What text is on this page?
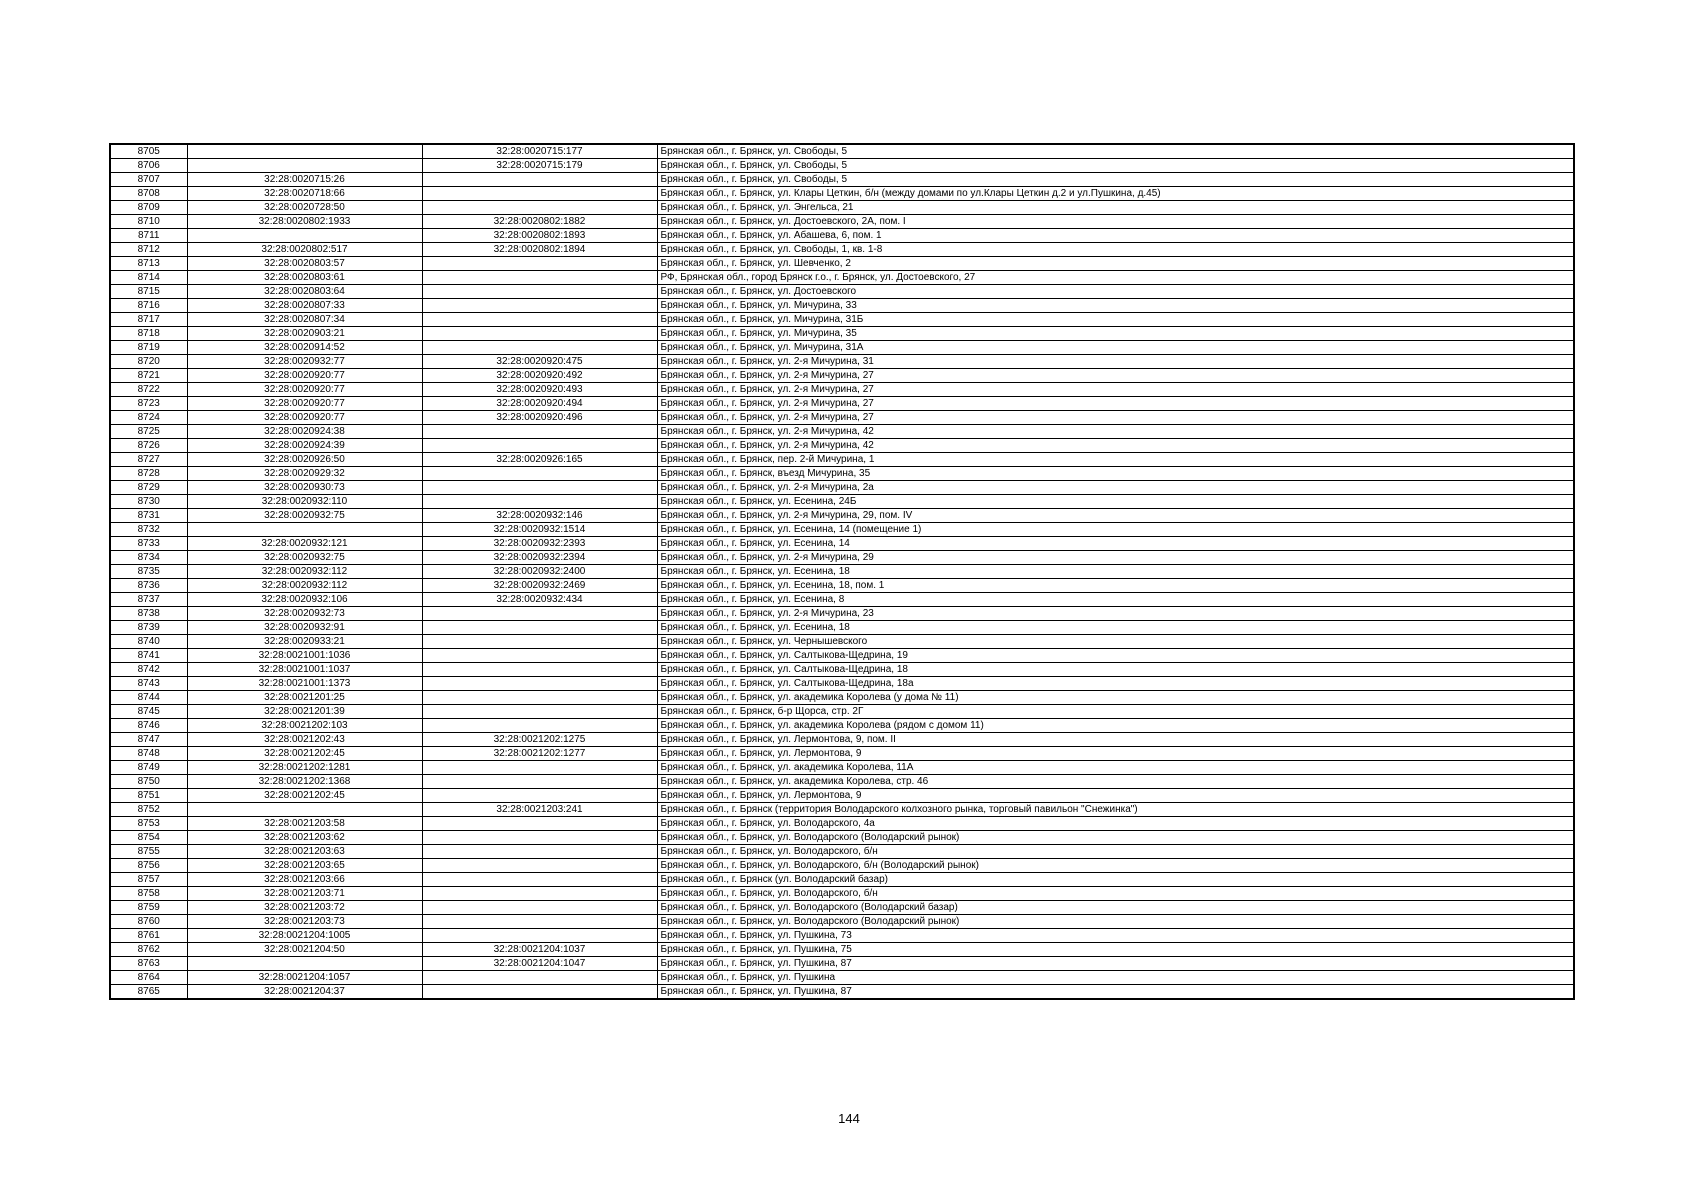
8705		32:28:0020715:177	Брянская обл., г. Брянск, ул. Свободы, 5
8706		32:28:0020715:179	Брянская обл., г. Брянск, ул. Свободы, 5
8707	32:28:0020715:26		Брянская обл., г. Брянск, ул. Свободы, 5
8708	32:28:0020718:66		Брянская обл., г. Брянск, ул. Клары Цеткин, б/н (между домами по ул.Клары Цеткин д.2 и ул.Пушкина, д.45)
8709	32:28:0020728:50		Брянская обл., г. Брянск, ул. Энгельса, 21
8710	32:28:0020802:1933	32:28:0020802:1882	Брянская обл., г. Брянск, ул. Достоевского, 2А, пом. I
8711		32:28:0020802:1893	Брянская обл., г. Брянск, ул. Абашева, 6, пом. 1
8712	32:28:0020802:517	32:28:0020802:1894	Брянская обл., г. Брянск, ул. Свободы, 1, кв. 1-8
8713	32:28:0020803:57		Брянская обл., г. Брянск, ул. Шевченко, 2
8714	32:28:0020803:61		РФ, Брянская обл., город Брянск г.о., г. Брянск, ул. Достоевского, 27
8715	32:28:0020803:64		Брянская обл., г. Брянск, ул. Достоевского
8716	32:28:0020807:33		Брянская обл., г. Брянск, ул. Мичурина, 33
8717	32:28:0020807:34		Брянская обл., г. Брянск, ул. Мичурина, 31Б
8718	32:28:0020903:21		Брянская обл., г. Брянск, ул. Мичурина, 35
8719	32:28:0020914:52		Брянская обл., г. Брянск, ул. Мичурина, 31А
8720	32:28:0020932:77	32:28:0020920:475	Брянская обл., г. Брянск, ул. 2-я Мичурина, 31
8721	32:28:0020920:77	32:28:0020920:492	Брянская обл., г. Брянск, ул. 2-я Мичурина, 27
8722	32:28:0020920:77	32:28:0020920:493	Брянская обл., г. Брянск, ул. 2-я Мичурина, 27
8723	32:28:0020920:77	32:28:0020920:494	Брянская обл., г. Брянск, ул. 2-я Мичурина, 27
8724	32:28:0020920:77	32:28:0020920:496	Брянская обл., г. Брянск, ул. 2-я Мичурина, 27
8725	32:28:0020924:38		Брянская обл., г. Брянск, ул. 2-я Мичурина, 42
8726	32:28:0020924:39		Брянская обл., г. Брянск, ул. 2-я Мичурина, 42
8727	32:28:0020926:50	32:28:0020926:165	Брянская обл., г. Брянск, пер. 2-й Мичурина, 1
8728	32:28:0020929:32		Брянская обл., г. Брянск, въезд Мичурина, 35
8729	32:28:0020930:73		Брянская обл., г. Брянск, ул. 2-я Мичурина, 2а
8730	32:28:0020932:110		Брянская обл., г. Брянск, ул. Есенина, 24Б
8731	32:28:0020932:75	32:28:0020932:146	Брянская обл., г. Брянск, ул. 2-я Мичурина, 29, пом. IV
8732		32:28:0020932:1514	Брянская обл., г. Брянск, ул. Есенина, 14 (помещение 1)
8733	32:28:0020932:121	32:28:0020932:2393	Брянская обл., г. Брянск, ул. Есенина, 14
8734	32:28:0020932:75	32:28:0020932:2394	Брянская обл., г. Брянск, ул. 2-я Мичурина, 29
8735	32:28:0020932:112	32:28:0020932:2400	Брянская обл., г. Брянск, ул. Есенина, 18
8736	32:28:0020932:112	32:28:0020932:2469	Брянская обл., г. Брянск, ул. Есенина, 18, пом. 1
8737	32:28:0020932:106	32:28:0020932:434	Брянская обл., г. Брянск, ул. Есенина, 8
8738	32:28:0020932:73		Брянская обл., г. Брянск, ул. 2-я Мичурина, 23
8739	32:28:0020932:91		Брянская обл., г. Брянск, ул. Есенина, 18
8740	32:28:0020933:21		Брянская обл., г. Брянск, ул. Чернышевского
8741	32:28:0021001:1036		Брянская обл., г. Брянск, ул. Салтыкова-Щедрина, 19
8742	32:28:0021001:1037		Брянская обл., г. Брянск, ул. Салтыкова-Щедрина, 18
8743	32:28:0021001:1373		Брянская обл., г. Брянск, ул. Салтыкова-Щедрина, 18а
8744	32:28:0021201:25		Брянская обл., г. Брянск, ул. академика Королева (у дома № 11)
8745	32:28:0021201:39		Брянская обл., г. Брянск, б-р Щорса, стр. 2Г
8746	32:28:0021202:103		Брянская обл., г. Брянск, ул. академика Королева (рядом с домом 11)
8747	32:28:0021202:43	32:28:0021202:1275	Брянская обл., г. Брянск, ул. Лермонтова, 9, пом. II
8748	32:28:0021202:45	32:28:0021202:1277	Брянская обл., г. Брянск, ул. Лермонтова, 9
8749	32:28:0021202:1281		Брянская обл., г. Брянск, ул. академика Королева, 11А
8750	32:28:0021202:1368		Брянская обл., г. Брянск, ул. академика Королева, стр. 46
8751	32:28:0021202:45		Брянская обл., г. Брянск, ул. Лермонтова, 9
8752		32:28:0021203:241	Брянская обл., г. Брянск (территория Володарского колхозного рынка, торговый павильон "Снежинка")
8753	32:28:0021203:58		Брянская обл., г. Брянск, ул. Володарского, 4а
8754	32:28:0021203:62		Брянская обл., г. Брянск, ул. Володарского (Володарский рынок)
8755	32:28:0021203:63		Брянская обл., г. Брянск, ул. Володарского, б/н
8756	32:28:0021203:65		Брянская обл., г. Брянск, ул. Володарского, б/н (Володарский рынок)
8757	32:28:0021203:66		Брянская обл., г. Брянск (ул. Володарский базар)
8758	32:28:0021203:71		Брянская обл., г. Брянск, ул. Володарского, б/н
8759	32:28:0021203:72		Брянская обл., г. Брянск, ул. Володарского (Володарский базар)
8760	32:28:0021203:73		Брянская обл., г. Брянск, ул. Володарского (Володарский рынок)
8761	32:28:0021204:1005		Брянская обл., г. Брянск, ул. Пушкина, 73
8762	32:28:0021204:50	32:28:0021204:1037	Брянская обл., г. Брянск, ул. Пушкина, 75
8763		32:28:0021204:1047	Брянская обл., г. Брянск, ул. Пушкина, 87
8764	32:28:0021204:1057		Брянская обл., г. Брянск, ул. Пушкина
8765	32:28:0021204:37		Брянская обл., г. Брянск, ул. Пушкина, 87
144
